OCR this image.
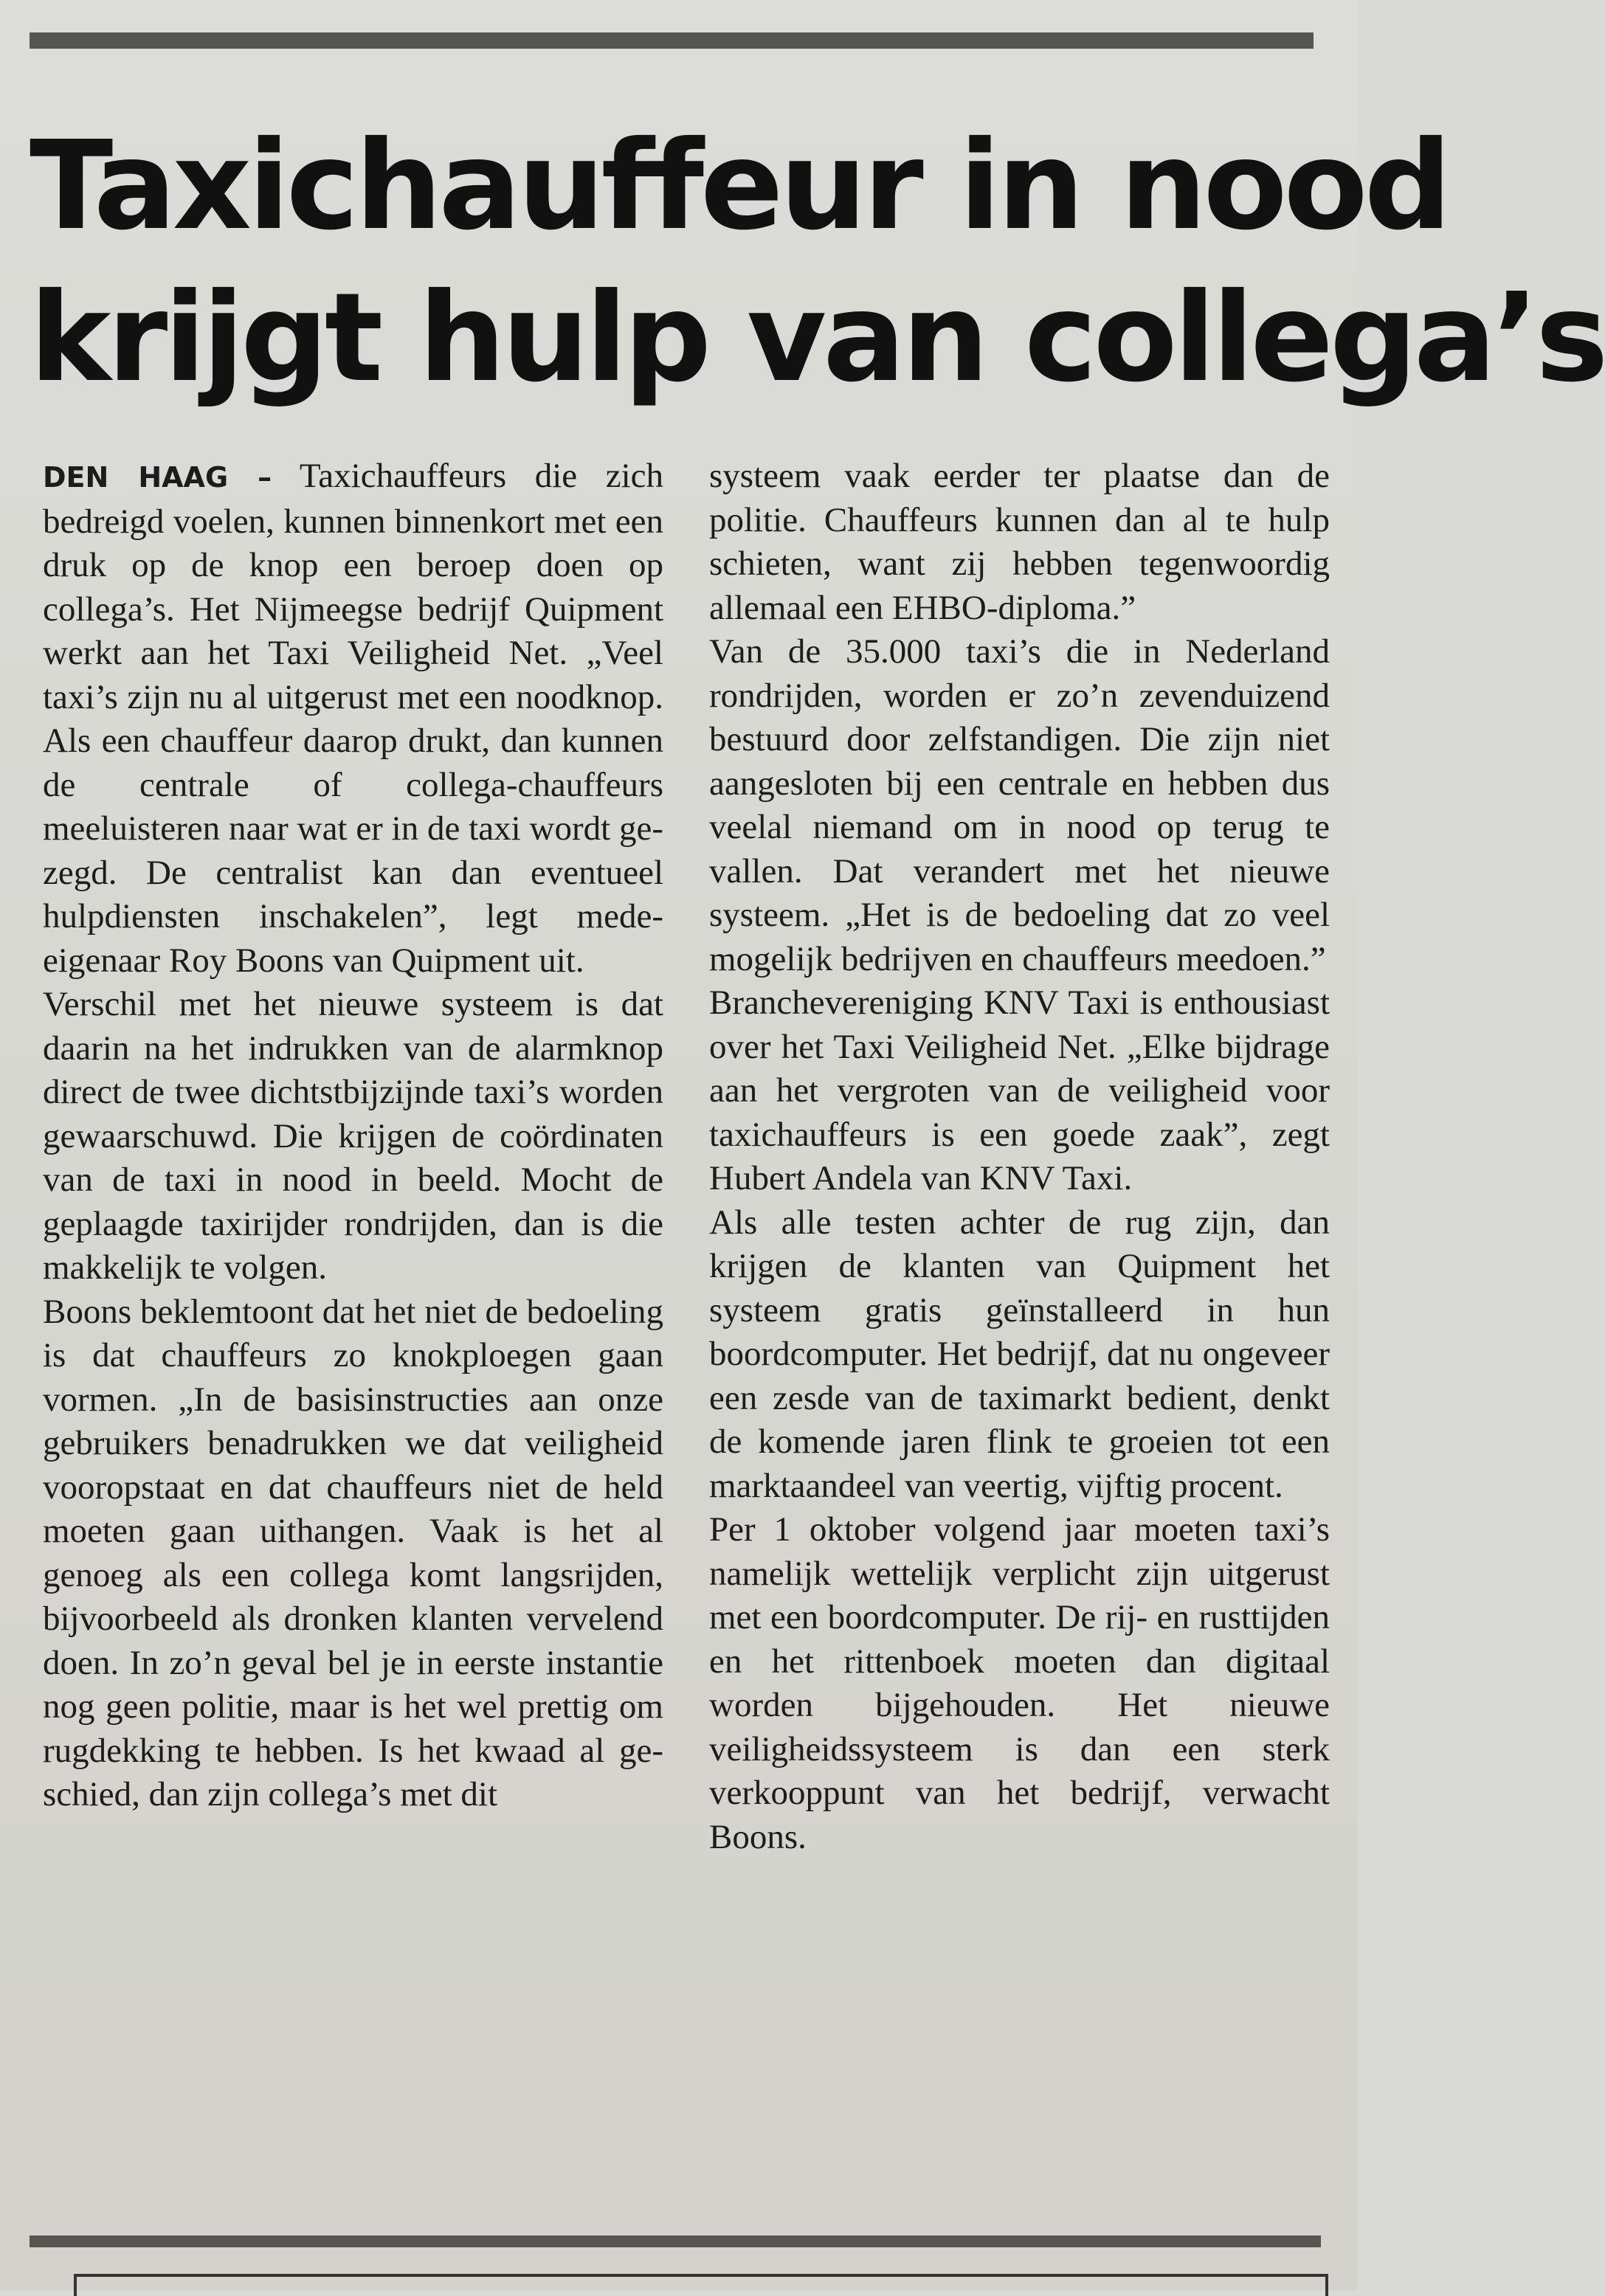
Taxichauffeur in nood
krijgt hulp van collega’s

DEN HAAG – Taxichauffeurs die zich bedreigd voelen, kunnen binnenkort met een druk op de knop een beroep doen op collega’s. Het Nijmeegse bedrijf Quipment werkt aan het Taxi Veiligheid Net. „Veel taxi’s zijn nu al uitgerust met een noodknop. Als een chauffeur daarop drukt, dan kunnen de centrale of collega-chauffeurs meeluisteren naar wat er in de taxi wordt gezegd. De centralist kan dan eventueel hulpdiensten inschakelen”, legt mede-eigenaar Roy Boons van Quipment uit.

Verschil met het nieuwe systeem is dat daarin na het indrukken van de alarmknop direct de twee dichtstbijzijnde taxi’s worden gewaarschuwd. Die krijgen de coördinaten van de taxi in nood in beeld. Mocht de geplaagde taxirijder rondrijden, dan is die makkelijk te volgen.

Boons beklemtoont dat het niet de bedoeling is dat chauffeurs zo knokploegen gaan vormen. „In de basisinstructies aan onze gebruikers benadrukken we dat veiligheid vooropstaat en dat chauffeurs niet de held moeten gaan uithangen. Vaak is het al genoeg als een collega komt langsrijden, bijvoorbeeld als dronken klanten vervelend doen. In zo’n geval bel je in eerste instantie nog geen politie, maar is het wel prettig om rugdekking te hebben. Is het kwaad al geschied, dan zijn collega’s met dit

systeem vaak eerder ter plaatse dan de politie. Chauffeurs kunnen dan al te hulp schieten, want zij hebben tegenwoordig allemaal een EHBO-diploma.”

Van de 35.000 taxi’s die in Nederland rondrijden, worden er zo’n zevenduizend bestuurd door zelfstandigen. Die zijn niet aangesloten bij een centrale en hebben dus veelal niemand om in nood op terug te vallen. Dat verandert met het nieuwe systeem. „Het is de bedoeling dat zo veel mogelijk bedrijven en chauffeurs meedoen.”

Branchevereniging KNV Taxi is enthousiast over het Taxi Veiligheid Net. „Elke bijdrage aan het vergroten van de veiligheid voor taxichauffeurs is een goede zaak”, zegt Hubert Andela van KNV Taxi.

Als alle testen achter de rug zijn, dan krijgen de klanten van Quipment het systeem gratis geïnstalleerd in hun boordcomputer. Het bedrijf, dat nu ongeveer een zesde van de taximarkt bedient, denkt de komende jaren flink te groeien tot een marktaandeel van veertig, vijftig procent.

Per 1 oktober volgend jaar moeten taxi’s namelijk wettelijk verplicht zijn uitgerust met een boordcomputer. De rij- en rusttijden en het rittenboek moeten dan digitaal worden bijgehouden. Het nieuwe veiligheidssysteem is dan een sterk verkooppunt van het bedrijf, verwacht Boons.
